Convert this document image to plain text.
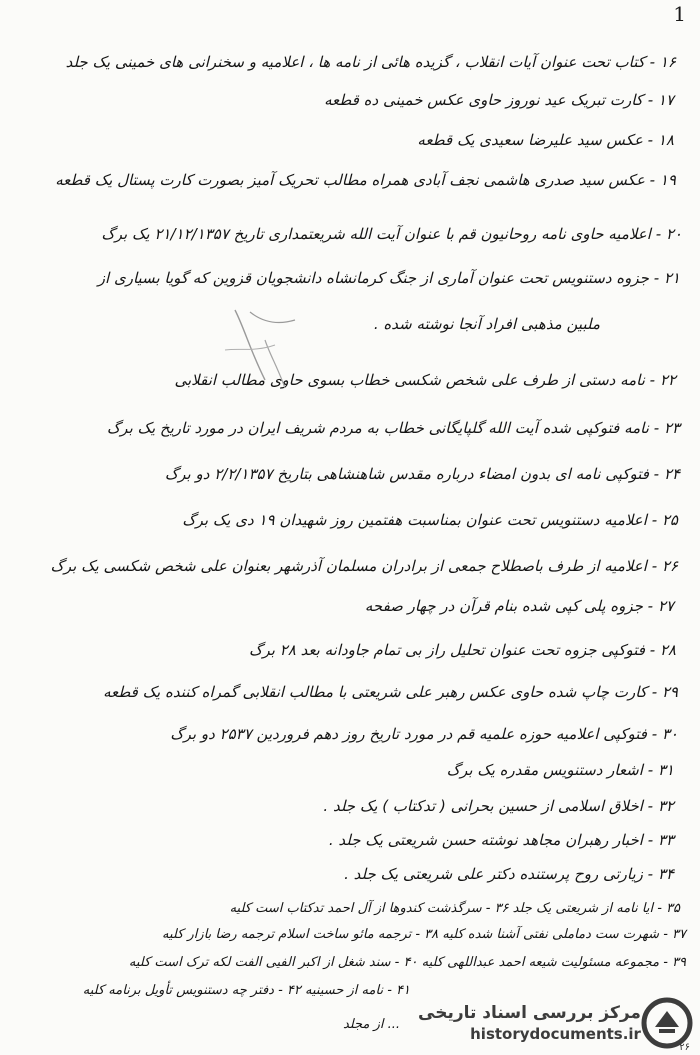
1
۱۶ - کتاب تحت عنوان آیات انقلاب ، گزیده هائی از نامه ها ، اعلامیه و سخنرانی های خمینی یک جلد
۱۷ - کارت تبریک عید نوروز حاوی عکس خمینی ده قطعه
۱۸ - عکس سید علیرضا سعیدی یک قطعه
۱۹ - عکس سید صدری هاشمی نجف آبادی همراه مطالب تحریک آمیز بصورت کارت پستال یک قطعه
۲۰ - اعلامیه حاوی نامه روحانیون قم با عنوان آیت الله شریعتمداری تاریخ ۲۱/۱۲/۱۳۵۷ یک برگ
۲۱ - جزوه دستنویس تحت عنوان آماری از جنگ کرمانشاه دانشجویان قزوین که گویا بسیاری از
ملبین مذهبی افراد آنجا نوشته شده .
۲۲ - نامه دستی از طرف علی شخص شکسی خطاب بسوی حاوی مطالب انقلابی
۲۳ - نامه فتوکپی شده آیت الله گلپایگانی خطاب به مردم شریف ایران در مورد تاریخ یک برگ
۲۴ - فتوکپی نامه ای بدون امضاء درباره مقدس شاهنشاهی بتاریخ ۲/۲/۱۳۵۷ دو برگ
۲۵ - اعلامیه دستنویس تحت عنوان بمناسبت هفتمین روز شهیدان ۱۹ دی یک برگ
۲۶ - اعلامیه از طرف باصطلاح جمعی از برادران مسلمان آذرشهر بعنوان علی شخص شکسی یک برگ
۲۷ - جزوه پلی کپی شده بنام قرآن در چهار صفحه
۲۸ - فتوکپی جزوه تحت عنوان تحلیل راز بی تمام جاودانه بعد ۲۸ برگ
۲۹ - کارت چاپ شده حاوی عکس رهبر علی شریعتی با مطالب انقلابی گمراه کننده یک قطعه
۳۰ - فتوکپی اعلامیه حوزه علمیه قم در مورد تاریخ روز دهم فروردین ۲۵۳۷ دو برگ
۳۱ - اشعار دستنویس مقدره یک برگ
۳۲ - اخلاق اسلامی از حسین بحرانی ( تدکتاب ) یک جلد .
۳۳ - اخبار رهبران مجاهد نوشته حسن شریعتی یک جلد .
۳۴ - زیارتی روح پرستنده دکتر علی شریعتی یک جلد .
۳۵ - ایا نامه از شریعتی یک جلد ۳۶ - سرگذشت کندوها از آل احمد تدکتاب است کلیه
۳۷ - شهرت ست دماملی نفتی آشنا شده کلیه ۳۸ - ترجمه مائو ساخت اسلام ترجمه رضا بازار کلیه
۳۹ - مجموعه مسئولیت شیعه احمد عبداللهی کلیه ۴۰ - سند شغل از اکبر الفیی الفت لکه ترک است کلیه
۴۱ - نامه از حسینیه ۴۲ - دفتر چه دستنویس تأویل برنامه کلیه
... از مجلد
مرکز بررسی اسناد تاریخی
historydocuments.ir
۲۶
